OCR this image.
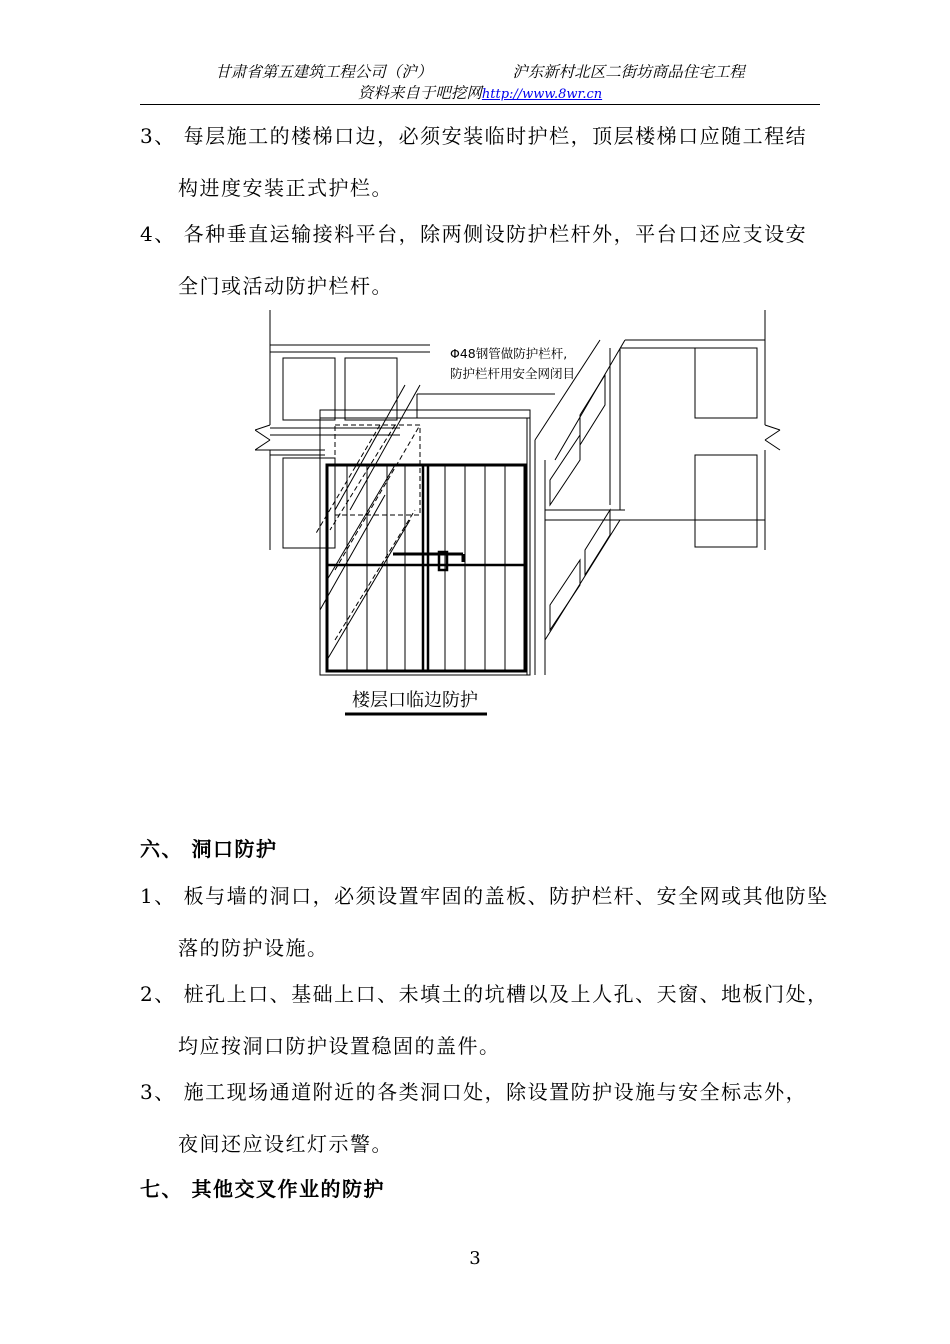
甘肃省第五建筑工程公司（沪）	沪东新村北区二街坊商品住宅工程
资料来自于吧挖网http://www.8wr.cn
3、 每层施工的楼梯口边，必须安装临时护栏，顶层楼梯口应随工程结
构进度安装正式护栏。
4、 各种垂直运输接料平台，除两侧设防护栏杆外，平台口还应支设安
全门或活动防护栏杆。
Φ48钢管做防护栏杆,
防护栏杆用安全网闭目
楼层口临边防护
六、 洞口防护
1、 板与墙的洞口，必须设置牢固的盖板、防护栏杆、安全网或其他防坠
落的防护设施。
2、 桩孔上口、基础上口、未填土的坑槽以及上人孔、天窗、地板门处，
均应按洞口防护设置稳固的盖件。
3、 施工现场通道附近的各类洞口处，除设置防护设施与安全标志外，
夜间还应设红灯示警。
七、 其他交叉作业的防护
3
